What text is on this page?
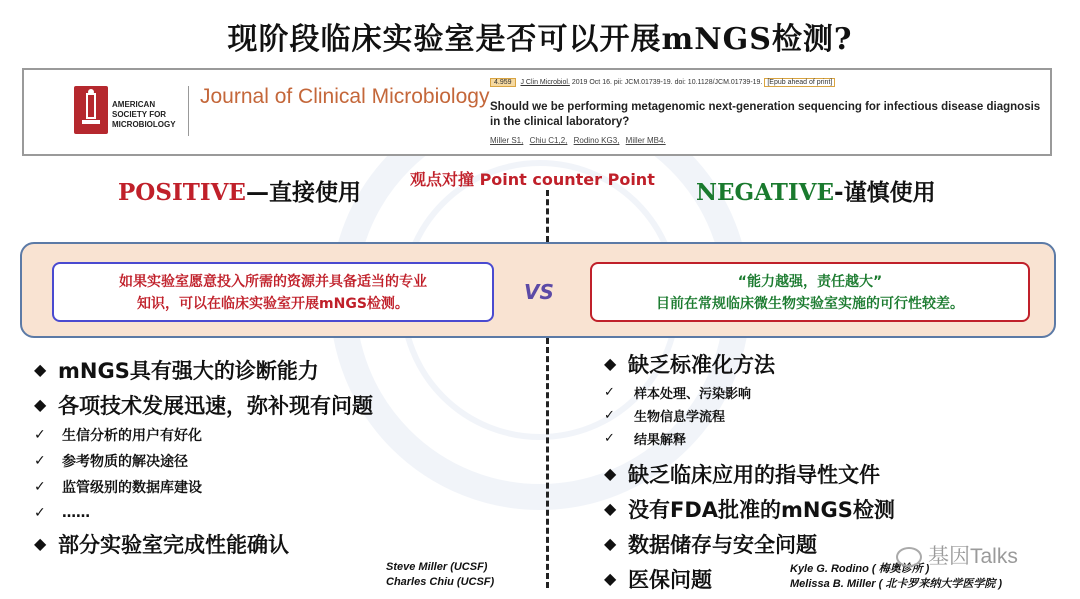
现阶段临床实验室是否可以开展mNGS检测?
AMERICAN SOCIETY FOR MICROBIOLOGY
Journal of Clinical Microbiology
4.959 J Clin Microbiol. 2019 Oct 16. pii: JCM.01739-19. doi: 10.1128/JCM.01739-19. [Epub ahead of print]
Should we be performing metagenomic next-generation sequencing for infectious disease diagnosis in the clinical laboratory?
Miller S1, Chiu C1,2, Rodino KG3, Miller MB4.
POSITIVE—直接使用
观点对撞 Point counter Point NEGATIVE-谨慎使用
如果实验室愿意投入所需的资源并具备适当的专业
知识，可以在临床实验室开展mNGS检测。	VS	“能力越强，责任越大”
目前在常规临床微生物实验室实施的可行性较差。
◆ mNGS具有强大的诊断能力
◆ 各项技术发展迅速，弥补现有问题
✓	生信分析的用户有好化
✓	参考物质的解决途径
✓	监管级别的数据库建设
✓	……
◆ 部分实验室完成性能确认
◆ 缺乏标准化方法
✓	样本处理、污染影响
✓	生物信息学流程
✓	结果解释
◆ 缺乏临床应用的指导性文件
◆ 没有FDA批准的mNGS检测
◆ 数据储存与安全问题
◆ 医保问题
Steve Miller (UCSF)
Charles Chiu (UCSF)
Kyle G. Rodino ( 梅奥诊所 )
Melissa B. Miller ( 北卡罗来纳大学医学院 )
基因Talks
